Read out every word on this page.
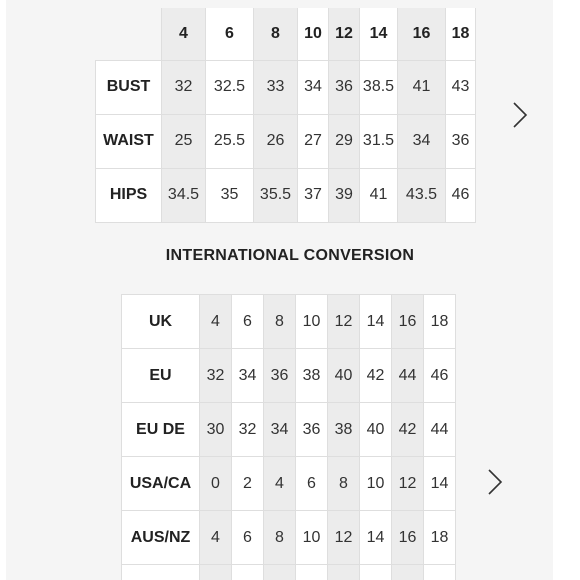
	4	6	8	10	12	14	16	18
BUST	32	32.5	33	34	36	38.5	41	43
WAIST	25	25.5	26	27	29	31.5	34	36
HIPS	34.5	35	35.5	37	39	41	43.5	46
INTERNATIONAL CONVERSION
UK	4	6	8	10	12	14	16	18
EU	32	34	36	38	40	42	44	46
EU DE	30	32	34	36	38	40	42	44
USA/CA	0	2	4	6	8	10	12	14
AUS/NZ	4	6	8	10	12	14	16	18
